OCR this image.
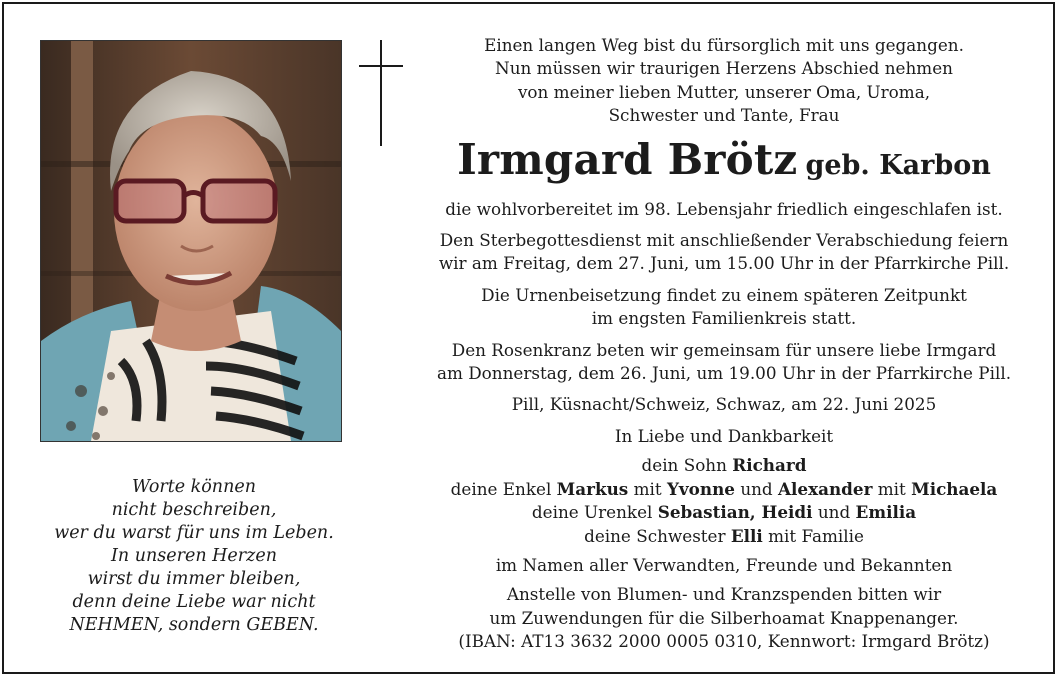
Worte können
nicht beschreiben,
wer du warst für uns im Leben.
In unseren Herzen
wirst du immer bleiben,
denn deine Liebe war nicht
NEHMEN, sondern GEBEN.
Einen langen Weg bist du fürsorglich mit uns gegangen.
Nun müssen wir traurigen Herzens Abschied nehmen
von meiner lieben Mutter, unserer Oma, Uroma,
Schwester und Tante, Frau
Irmgard Brötz geb. Karbon
die wohlvorbereitet im 98. Lebensjahr friedlich eingeschlafen ist.
Den Sterbegottesdienst mit anschließender Verabschiedung feiern
wir am Freitag, dem 27. Juni, um 15.00 Uhr in der Pfarrkirche Pill.
Die Urnenbeisetzung findet zu einem späteren Zeitpunkt
im engsten Familienkreis statt.
Den Rosenkranz beten wir gemeinsam für unsere liebe Irmgard
am Donnerstag, dem 26. Juni, um 19.00 Uhr in der Pfarrkirche Pill.
Pill, Küsnacht/Schweiz, Schwaz, am 22. Juni 2025
In Liebe und Dankbarkeit
dein Sohn Richard
deine Enkel Markus mit Yvonne und Alexander mit Michaela
deine Urenkel Sebastian, Heidi und Emilia
deine Schwester Elli mit Familie
im Namen aller Verwandten, Freunde und Bekannten
Anstelle von Blumen- und Kranzspenden bitten wir
um Zuwendungen für die Silberhoamat Knappenanger.
(IBAN: AT13 3632 2000 0005 0310, Kennwort: Irmgard Brötz)
